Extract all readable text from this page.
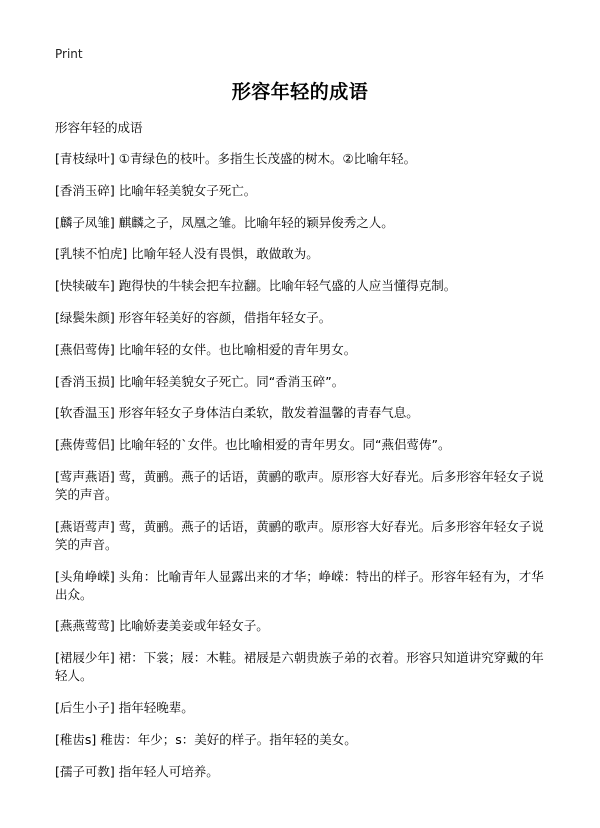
Print
形容年轻的成语
形容年轻的成语
[青枝绿叶] ①青绿色的枝叶。多指生长茂盛的树木。②比喻年轻。
[香消玉碎] 比喻年轻美貌女子死亡。
[麟子凤雏] 麒麟之子，凤凰之雏。比喻年轻的颖异俊秀之人。
[乳犊不怕虎] 比喻年轻人没有畏惧，敢做敢为。
[快犊破车] 跑得快的牛犊会把车拉翻。比喻年轻气盛的人应当懂得克制。
[绿鬓朱颜] 形容年轻美好的容颜，借指年轻女子。
[燕侣莺俦] 比喻年轻的女伴。也比喻相爱的青年男女。
[香消玉损] 比喻年轻美貌女子死亡。同“香消玉碎”。
[软香温玉] 形容年轻女子身体洁白柔软，散发着温馨的青春气息。
[燕俦莺侣] 比喻年轻的`女伴。也比喻相爱的青年男女。同“燕侣莺俦”。
[莺声燕语] 莺，黄鹂。燕子的话语，黄鹂的歌声。原形容大好春光。后多形容年轻女子说笑的声音。
[燕语莺声] 莺，黄鹂。燕子的话语，黄鹂的歌声。原形容大好春光。后多形容年轻女子说笑的声音。
[头角峥嵘] 头角：比喻青年人显露出来的才华；峥嵘：特出的样子。形容年轻有为，才华出众。
[燕燕莺莺] 比喻娇妻美妾或年轻女子。
[裙屐少年] 裙：下裳；屐：木鞋。裙屐是六朝贵族子弟的衣着。形容只知道讲究穿戴的年轻人。
[后生小子] 指年轻晚辈。
[稚齿s] 稚齿：年少；s：美好的样子。指年轻的美女。
[孺子可教] 指年轻人可培养。
